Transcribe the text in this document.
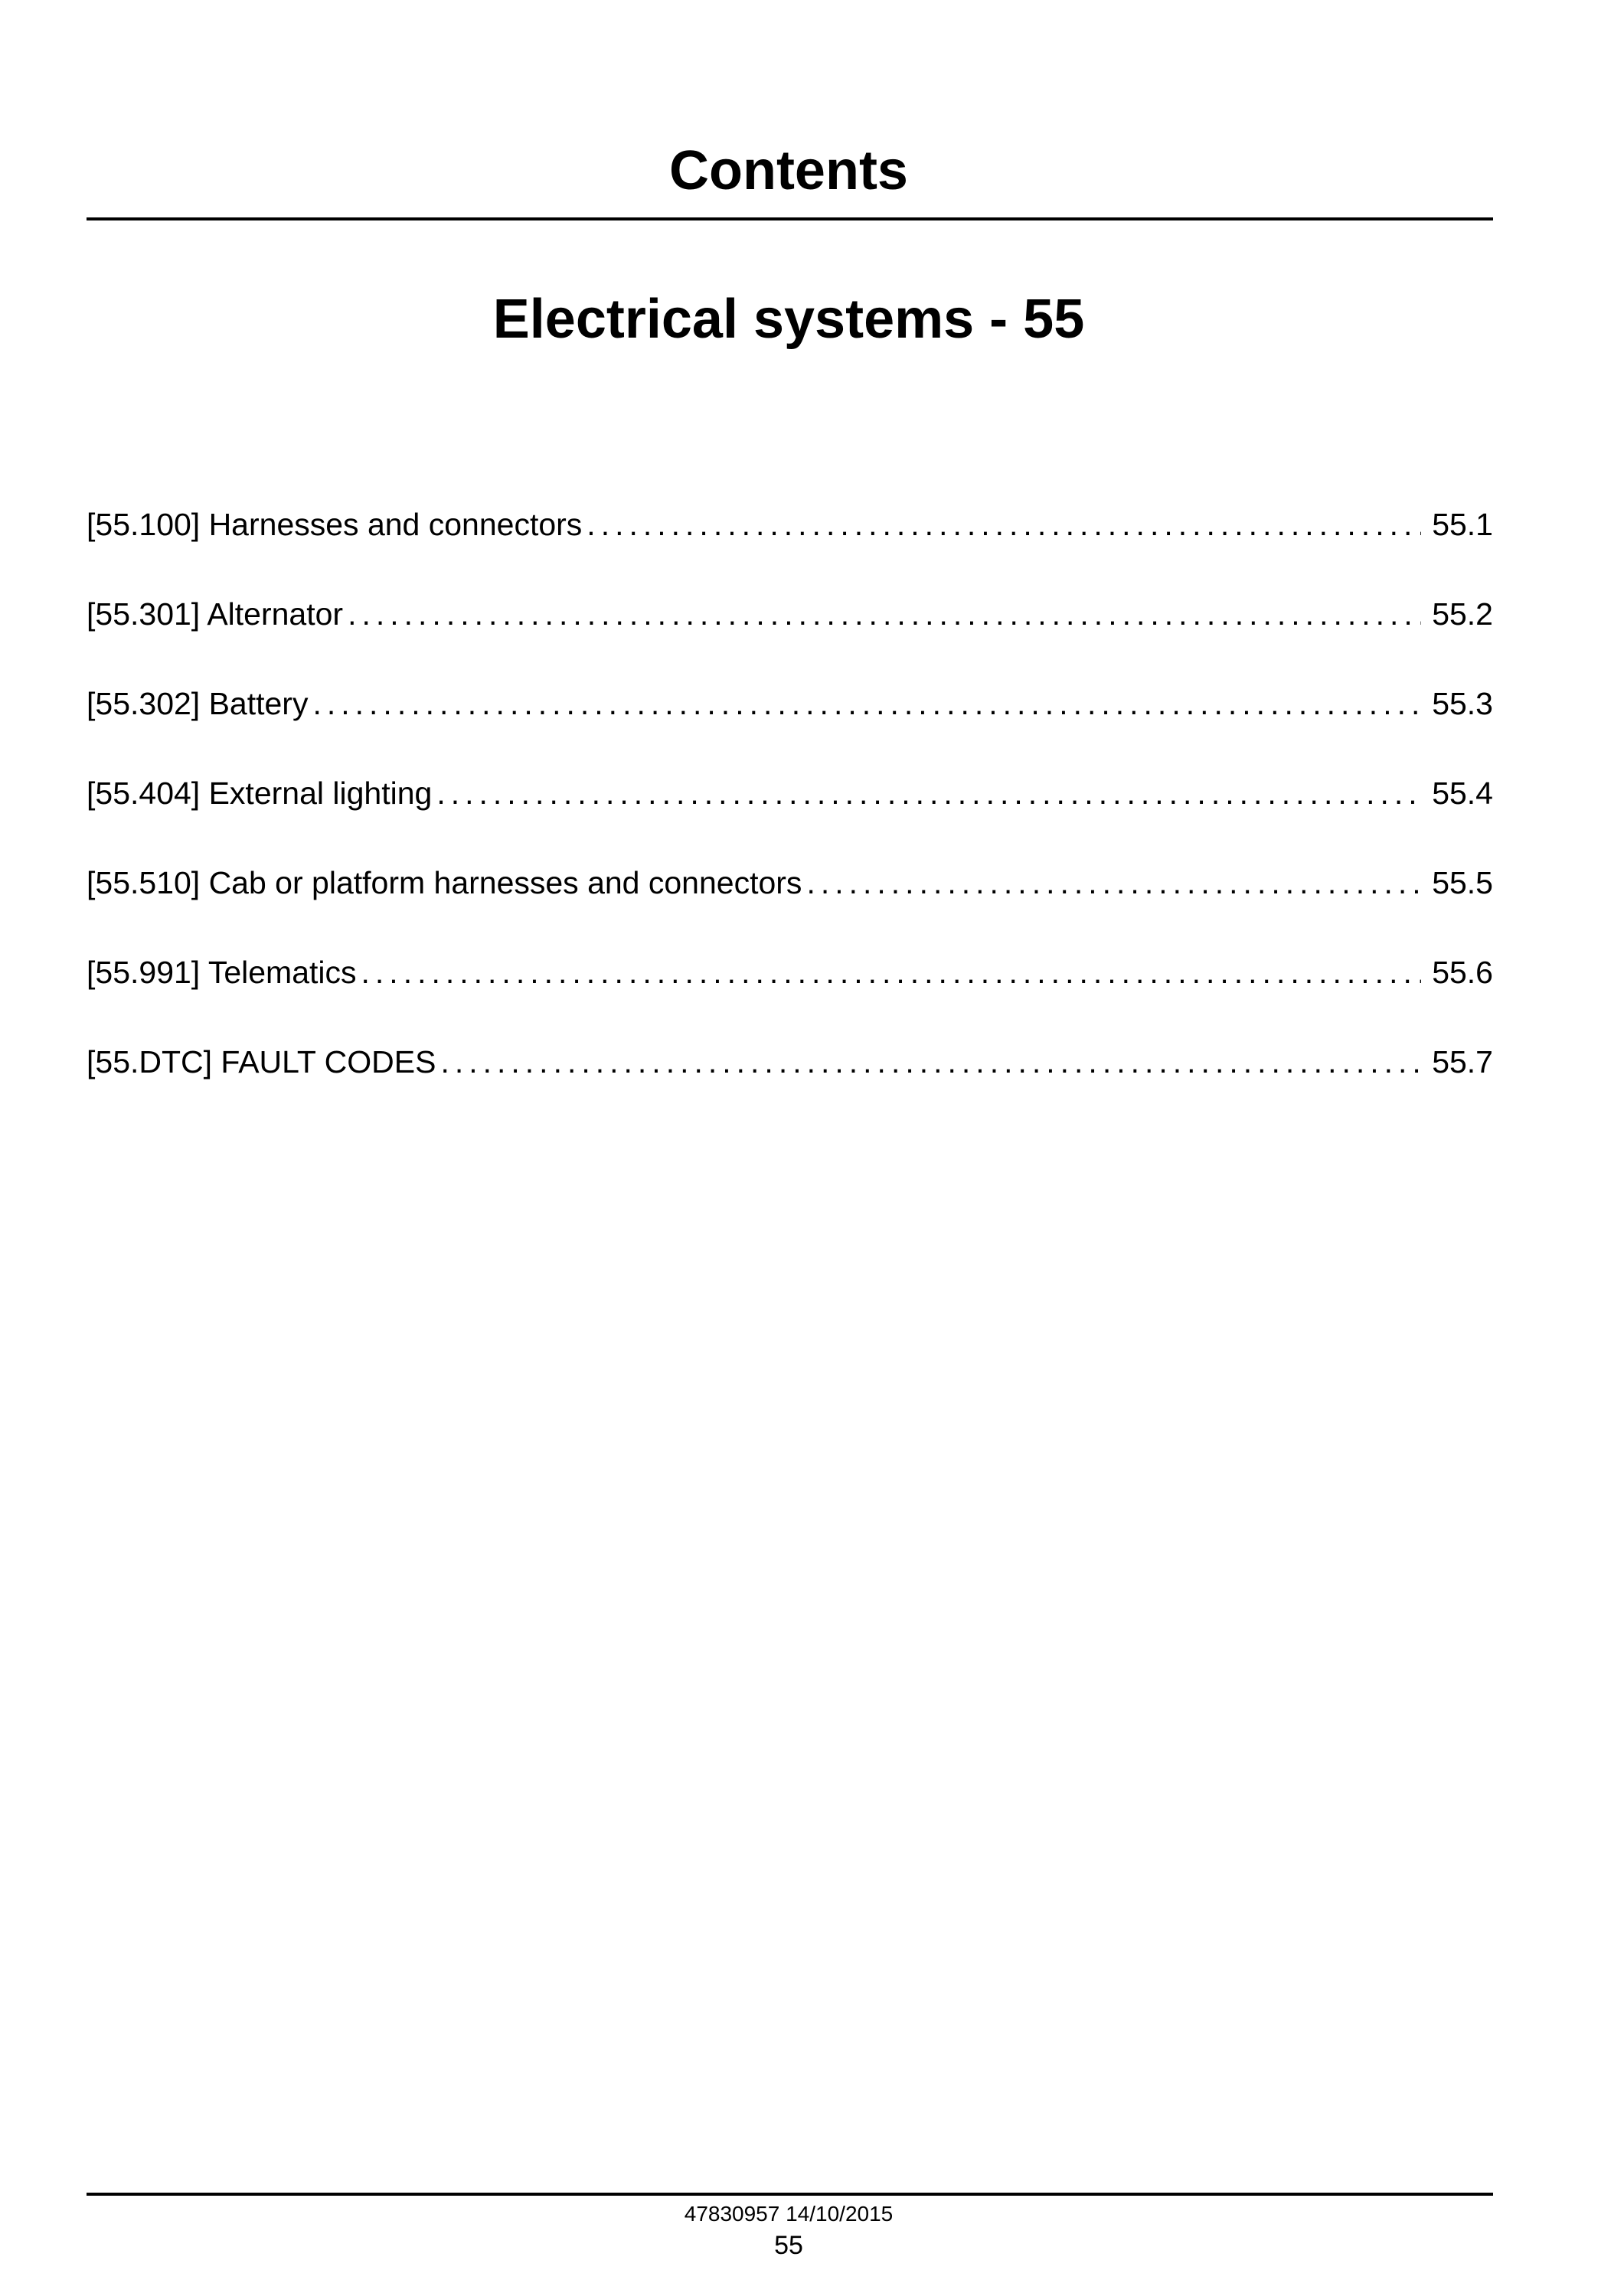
Contents
Electrical systems - 55
[55.100] Harnesses and connectors .....	55.1
[55.301] Alternator .....	55.2
[55.302] Battery .....	55.3
[55.404] External lighting .....	55.4
[55.510] Cab or platform harnesses and connectors .....	55.5
[55.991] Telematics .....	55.6
[55.DTC] FAULT CODES .....	55.7
47830957 14/10/2015
55
